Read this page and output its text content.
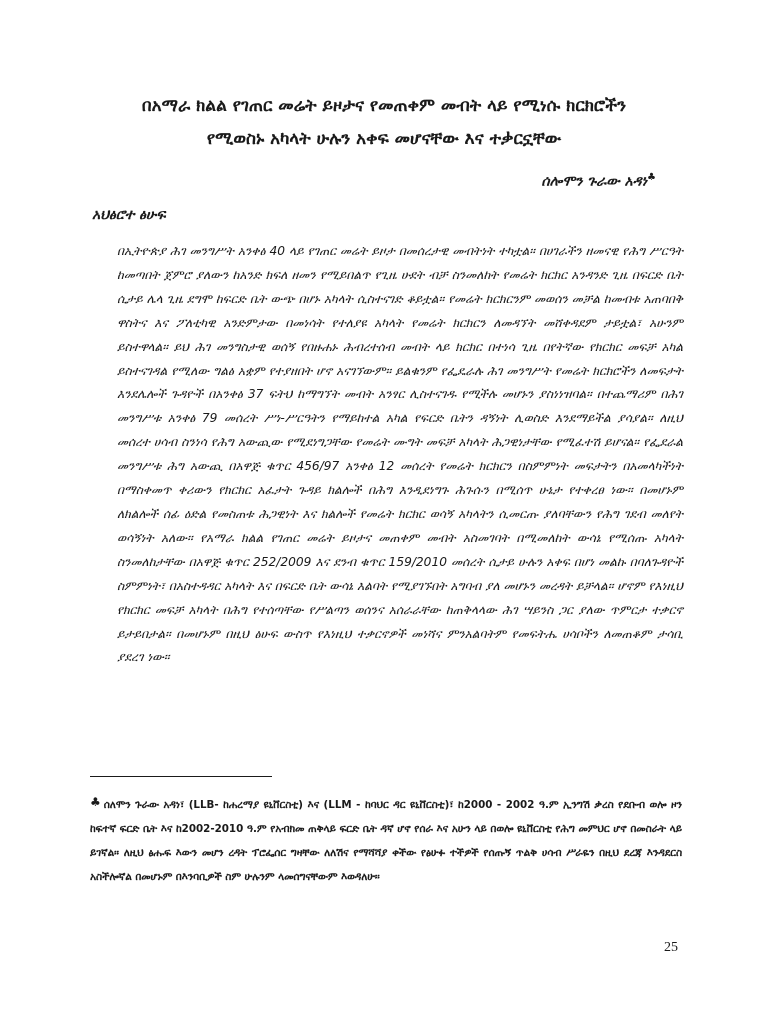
በአማራ ክልል የገጠር መሬት ይዞታና የመጠቀም መብት ላይ የሚነሱ ክርክሮችን
የሚወስኑ አካላት ሁሉን አቀፍ መሆናቸው እና ተቃርኗቸው
ሰሎሞን ጉራው አዳነ♣
አህፅሮተ ፅሁፍ
በኢትዮጵያ ሕገ መንግሥት አንቀፅ 40 ላይ የገጠር መሬት ይዞታ በመሰረታዊ መብትነት ተካቷል። በሀገራችን ዘመናዊ የሕግ ሥርዓት ከመጣበት ጀምሮ ያለውን ከአንድ ክፍለ ዘመን የሚይበልጥ የጊዜ ሁደት ብቻ ስንመለከት የመሬት ክርክር አንዳንድ ጊዜ በፍርድ ቤት ሲታይ ሌላ ጊዜ ደግሞ ከፍርድ ቤት ውጭ በሆኑ አካላት ሲስተናገድ ቆይቷል። የመሬት ክርክርንም መወሰን መቻል ከመብቱ አጠባበቅ ዋስትና እና ፖለቲካዊ አንድምታው በመነሳት የተለያዩ አካላት የመሬት ክርክርን ለመዳኘት መሸቀዳደም ታይቷል፣ አሁንም ይስተዋላል። ይህ ሕገ መንግስታዊ ወሰኝ የበዙሐኑ ሕብረተሰብ መብት ላይ ክርክር በተነሳ ጊዜ በየትኛው የክርክር መፍቻ አካል ይስተናገዳል የሚለው ግልፅ አቋም የተያዘበት ሆኖ አናገኘውም። ይልቁንም የፌዴራሉ ሕገ መንግሥት የመሬት ክርክሮችን ለመፍታት እንደሌሎች ጉዳዮች በአንቀፅ 37 ፍትህ ከማግኘት መብት አንፃር ሊስተናገዱ የሚችሉ መሆኑን ያስነነዝባል። በተጨማሪም በሕገ መንግሥቱ አንቀፅ 79 መሰረት ሥነ-ሥርዓትን የማይከተል አካል የፍርድ ቤትን ዳኝነት ሊወስድ እንደማይችል ያሳያል። ለዚህ መሰረተ ሀሳብ ስንነሳ የሕግ አውጪው የሚደነግጋቸው የመሬት ሙግት መፍቻ አካላት ሕጋዊነታቸው የሚፈተሽ ይሆናል። የፌደራል መንግሥቱ ሕግ አውጪ በአዋጅ ቁጥር 456/97 አንቀፅ 12 መሰረት የመሬት ክርክርን በስምምነት መፍታትን በአመላካችነት በማስቀመጥ ቀሪውን የክርክር አፈታት ጉዳይ ክልሎች በሕግ እንዲደነግጉ ሕጉሱን በሚሰጥ ሁኔታ የተቀረፀ ነው። በመሆኑም ለክልሎች ሰፊ ዕድል የመስጠቱ ሕጋዊነት እና ክልሎች የመሬት ክርክር ወሳኝ አካላትን ሲመርጡ ያለባቸውን የሕግ ገደብ መለየት ወሳኝነት አለው። የአማራ ክልል የገጠር መሬት ይዞታና መጠቀም መብት አስመገባት በሚመለከት ውሳኔ የሚሰጡ አካላት ስንመለከታቸው በአዋጅ ቁጥር 252/2009 እና ደንብ ቁጥር 159/2010 መሰረት ሲታይ ሁሉን አቀፍ በሆነ መልኩ በባለጉዳዮች ስምምነት፣ በአስተዳዳር አካላት እና በፍርድ ቤት ውሳኔ እልባት የሚያገኙበት አግባብ ያለ መሆኑን መረዳት ይቻላል። ሆኖም የእነዚህ የክርክር መፍቻ አካላት በሕግ የተሰጣቸው የሥልጣን ወሰንና አሰራራቸው ከጠቅላላው ሕገ ሣይንስ ጋር ያለው ጥምርታ ተቃርኖ ይታይበታል። በመሆኑም በዚህ ፅሁፍ ውስጥ የእነዚህ ተቃርኖዎች መነሻና ምንአልባትም የመፍትሔ ሀሳቦችን ለመጠቆም ታሳቢ ያደረገ ነው።
♣ ሰለሞን ጉራው አዳነ፣ (LLB- ከሐረማያ ዩኒቨርስቲ) እና (LLM - ከባህር ዳር ዩኒቨርስቲ)፣ ከ2000 - 2002 ዓ.ም ኢንግሽ ቃረስ የደቡብ ወሎ ዞን ከፍተኛ ፍርድ ቤት እና ከ2002-2010 ዓ.ም የአብክመ ጠቅላይ ፍርድ ቤት ዳኛ ሆኖ የሰራ እና አሁን ላይ በወሎ ዩኒቨርስቲ የሕግ መምህር ሆኖ በመስራት ላይ ይገኛል። ለዚህ ፅሑፍ እውን መሆን ረዳት ፕሮፌሰር ግዛቸው ለለሽና የማሻሻያ ቀችው የፅሁፉ ተችዎች የሰጡኝ ጥልቅ ሀሳብ ሥራዬን በዚህ ደረጃ እንዳደርስ አስችሎኛል በመሆኑም በእንባቢዎች ስም ሁሉንም ላመሰግናቸውም እወዳለሁ።
25
